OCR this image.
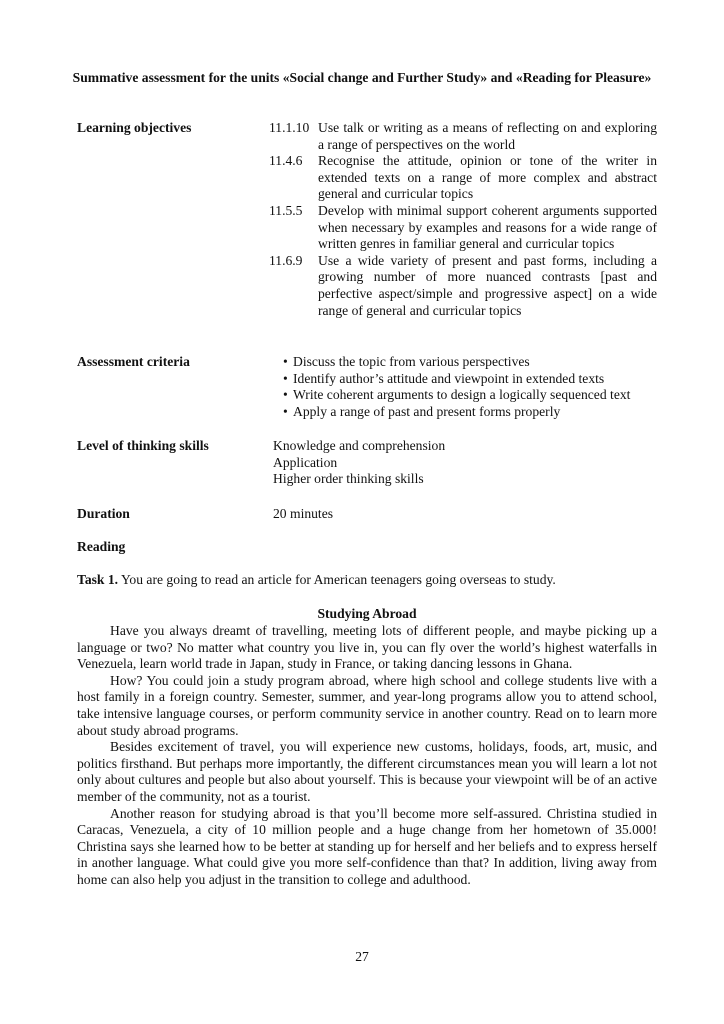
Summative assessment for the units «Social change and Further Study» and «Reading for Pleasure»
Learning objectives	11.1.10 Use talk or writing as a means of reflecting on and exploring a range of perspectives on the world
11.4.6	Recognise the attitude, opinion or tone of the writer in extended texts on a range of more complex and abstract general and curricular topics
11.5.5	Develop with minimal support coherent arguments supported when necessary by examples and reasons for a wide range of written genres in familiar general and curricular topics
11.6.9	Use a wide variety of present and past forms, including a growing number of more nuanced contrasts [past and perfective aspect/simple and progressive aspect] on a wide range of general and curricular topics
Assessment criteria
•	Discuss the topic from various perspectives
• Identify author’s attitude and viewpoint in extended texts
• Write coherent arguments to design a logically sequenced text
• Apply a range of past and present forms properly
Level of thinking skills	Knowledge and comprehension
Application
Higher order thinking skills
Duration	20 minutes
Reading
Task 1. You are going to read an article for American teenagers going overseas to study.
Studying Abroad

Have you always dreamt of travelling, meeting lots of different people, and maybe picking up a language or two? No matter what country you live in, you can fly over the world’s highest waterfalls in Venezuela, learn world trade in Japan, study in France, or taking dancing lessons in Ghana.

How? You could join a study program abroad, where high school and college students live with a host family in a foreign country. Semester, summer, and year-long programs allow you to attend school, take intensive language courses, or perform community service in another country. Read on to learn more about study abroad programs.

Besides excitement of travel, you will experience new customs, holidays, foods, art, music, and politics firsthand. But perhaps more importantly, the different circumstances mean you will learn a lot not only about cultures and people but also about yourself. This is because your viewpoint will be of an active member of the community, not as a tourist.

Another reason for studying abroad is that you’ll become more self-assured. Christina studied in Caracas, Venezuela, a city of 10 million people and a huge change from her hometown of 35.000! Christina says she learned how to be better at standing up for herself and her beliefs and to express herself in another language. What could give you more self-confidence than that? In addition, living away from home can also help you adjust in the transition to college and adulthood.

27
